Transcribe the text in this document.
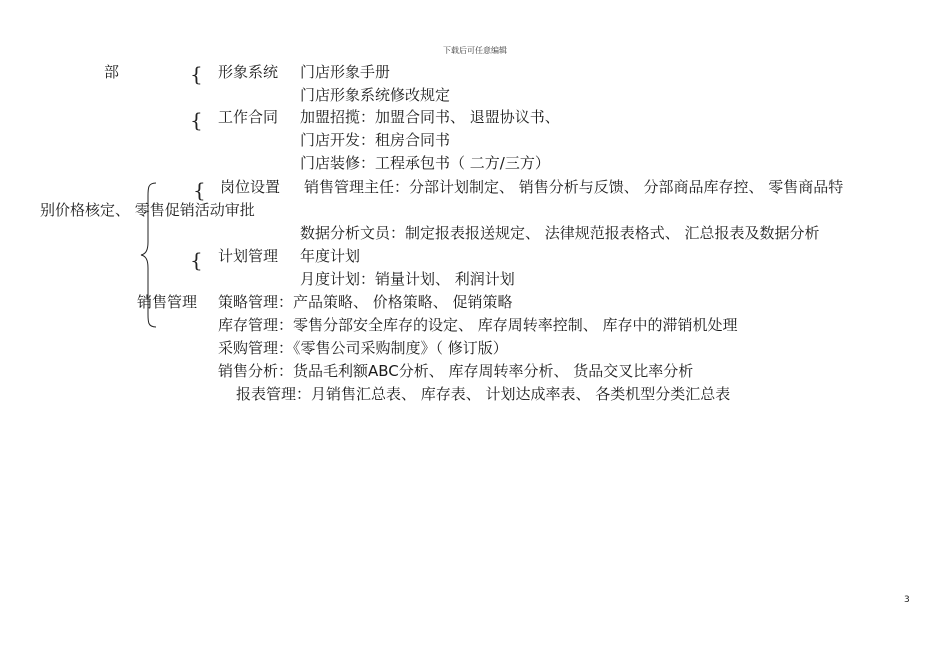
下载后可任意编辑
部	{ 形象系统 门店形象手册
门店形象系统修改规定
{ 工作合同 加盟招揽：加盟合同书、 退盟协议书、
门店开发：租房合同书
门店装修：工程承包书（ 二方/三方）
{ 岗位设置 销售管理主任：分部计划制定、 销售分析与反馈、 分部商品库存控、 零售商品特
别价格核定、 零售促销活动审批
数据分析文员：制定报表报送规定、 法律规范报表格式、 汇总报表及数据分析
{ 计划管理 年度计划
月度计划：销量计划、 利润计划
销售管理 策略管理：产品策略、 价格策略、 促销策略
库存管理：零售分部安全库存的设定、 库存周转率控制、 库存中的滞销机处理
采购管理：《零售公司采购制度》（ 修订版）
销售分析：货品毛利额ABC分析、 库存周转率分析、 货品交叉比率分析
报表管理：月销售汇总表、 库存表、 计划达成率表、 各类机型分类汇总表
3
